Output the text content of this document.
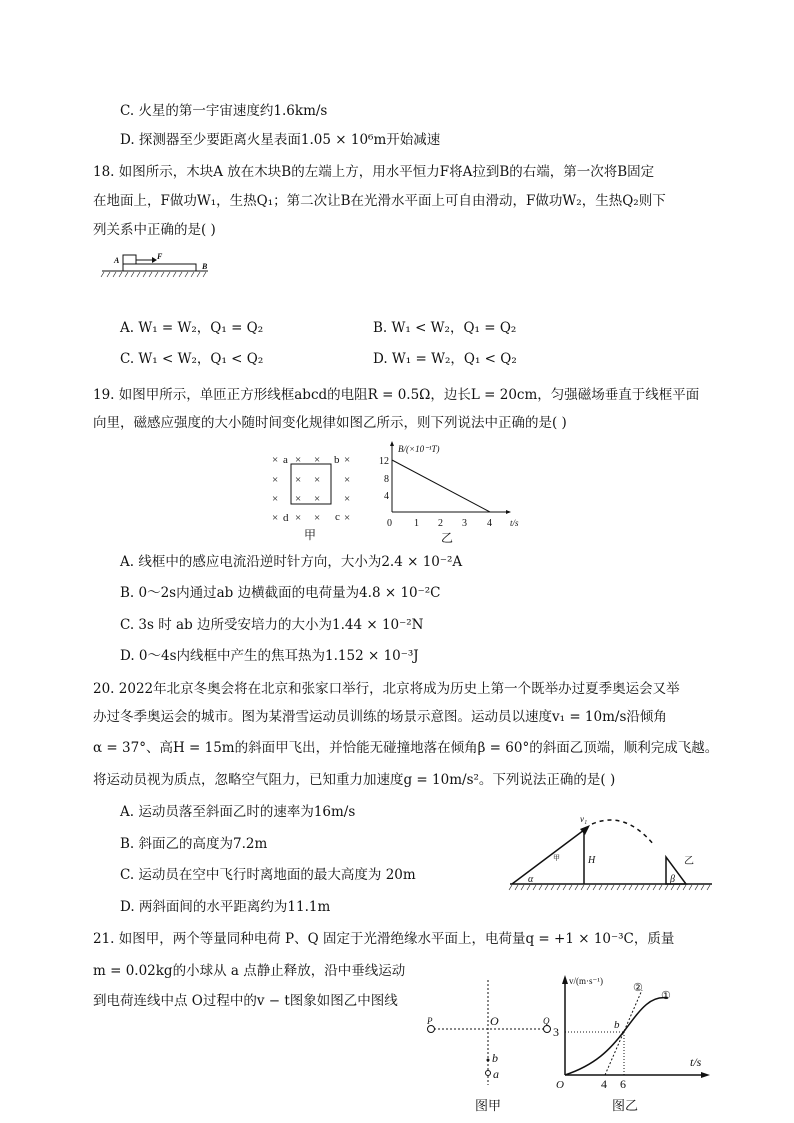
C. 火星的第一宇宙速度约1.6km/s
D. 探测器至少要距离火星表面1.05 × 10⁶m开始减速
18. 如图所示，木块A 放在木块B的左端上方，用水平恒力F将A拉到B的右端，第一次将B固定
在地面上，F做功W₁，生热Q₁；第二次让B在光滑水平面上可自由滑动，F做功W₂，生热Q₂则下
列关系中正确的是( )
A	F
B
A. W₁ = W₂，Q₁ = Q₂	B. W₁ < W₂，Q₁ = Q₂
C. W₁ < W₂，Q₁ < Q₂	D. W₁ = W₂，Q₁ < Q₂
19. 如图甲所示，单匝正方形线框abcd的电阻R = 0.5Ω，边长L = 20cm，匀强磁场垂直于线框平面
向里，磁感应强度的大小随时间变化规律如图乙所示，则下列说法中正确的是( )
× × × ×
× × × ×
× × × ×
× × × ×
a	b
c
d
甲
B/(×10⁻¹T)
t/s
12
8
4
0 1 2 3 4
乙
A. 线框中的感应电流沿逆时针方向，大小为2.4 × 10⁻²A
B. 0～2s内通过ab 边横截面的电荷量为4.8 × 10⁻²C
C. 3s 时 ab 边所受安培力的大小为1.44 × 10⁻²N
D. 0～4s内线框中产生的焦耳热为1.152 × 10⁻³J
20. 2022年北京冬奥会将在北京和张家口举行，北京将成为历史上第一个既举办过夏季奥运会又举
办过冬季奥运会的城市。图为某滑雪运动员训练的场景示意图。运动员以速度v₁ = 10m/s沿倾角
α = 37°、高H = 15m的斜面甲飞出，并恰能无碰撞地落在倾角β = 60°的斜面乙顶端，顺利完成飞越。
将运动员视为质点，忽略空气阻力，已知重力加速度g = 10m/s²。下列说法正确的是( )
A. 运动员落至斜面乙时的速率为16m/s
B. 斜面乙的高度为7.2m
C. 运动员在空中飞行时离地面的最大高度为 20m
D. 两斜面间的水平距离约为11.1m
v₁
甲	H
α	β
乙
21. 如图甲，两个等量同种电荷 P、Q 固定于光滑绝缘水平面上，电荷量q = +1 × 10⁻³C，质量
m = 0.02kg的小球从 a 点静止释放，沿中垂线运动
到电荷连线中点 O过程中的v − t图象如图乙中图线
P	O	Q
b
a
图甲
v/(m·s⁻¹)
t/s
O
3
4 6
b
①
②
图乙
